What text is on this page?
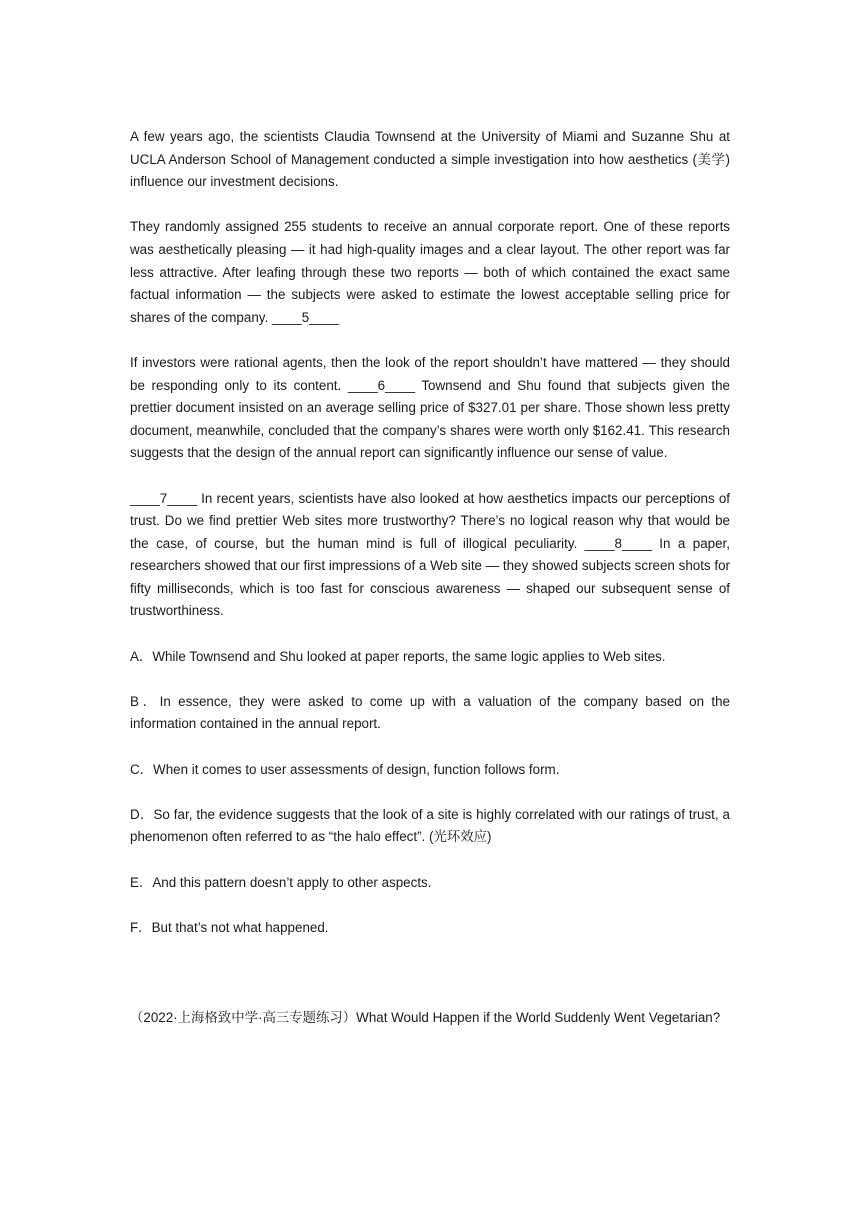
A few years ago, the scientists Claudia Townsend at the University of Miami and Suzanne Shu at UCLA Anderson School of Management conducted a simple investigation into how aesthetics (美学) influence our investment decisions.

They randomly assigned 255 students to receive an annual corporate report. One of these reports was aesthetically pleasing — it had high-quality images and a clear layout. The other report was far less attractive. After leafing through these two reports — both of which contained the exact same factual information — the subjects were asked to estimate the lowest acceptable selling price for shares of the company. ____5____

If investors were rational agents, then the look of the report shouldn’t have mattered — they should be responding only to its content. ____6____ Townsend and Shu found that subjects given the prettier document insisted on an average selling price of $327.01 per share. Those shown less pretty document, meanwhile, concluded that the company’s shares were worth only $162.41. This research suggests that the design of the annual report can significantly influence our sense of value.

____7____ In recent years, scientists have also looked at how aesthetics impacts our perceptions of trust. Do we find prettier Web sites more trustworthy? There’s no logical reason why that would be the case, of course, but the human mind is full of illogical peculiarity. ____8____ In a paper, researchers showed that our first impressions of a Web site — they showed subjects screen shots for fifty milliseconds, which is too fast for conscious awareness — shaped our subsequent sense of trustworthiness.

A．While Townsend and Shu looked at paper reports, the same logic applies to Web sites.

B．In essence, they were asked to come up with a valuation of the company based on the information contained in the annual report.

C．When it comes to user assessments of design, function follows form.

D．So far, the evidence suggests that the look of a site is highly correlated with our ratings of trust, a phenomenon often referred to as “the halo effect”. (光环效应)

E．And this pattern doesn’t apply to other aspects.

F．But that’s not what happened.

（2022·上海格致中学·高三专题练习）What Would Happen if the World Suddenly Went Vegetarian?
